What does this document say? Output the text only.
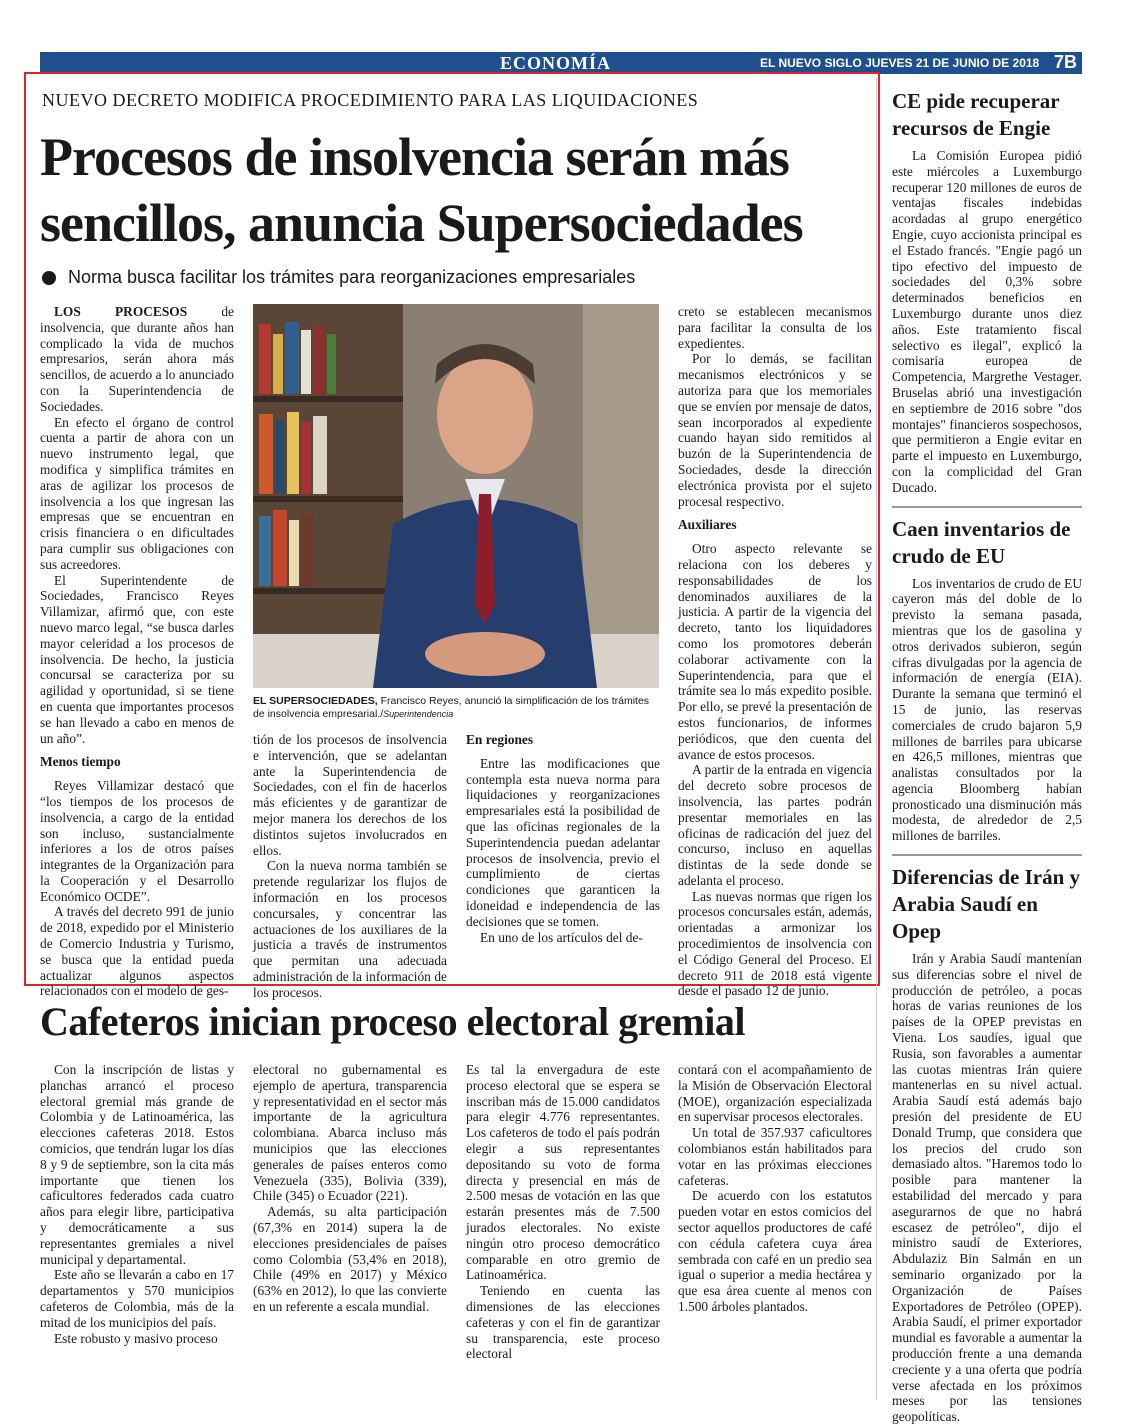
ECONOMÍA	EL NUEVO SIGLO JUEVES 21 DE JUNIO DE 2018 7B
NUEVO DECRETO MODIFICA PROCEDIMIENTO PARA LAS LIQUIDACIONES
Procesos de insolvencia serán más sencillos, anuncia Supersociedades
Norma busca facilitar los trámites para reorganizaciones empresariales

LOS PROCESOS de insolvencia, que durante años han complicado la vida de muchos empresarios, serán ahora más sencillos, de acuerdo a lo anunciado con la Superintendencia de Sociedades.

En efecto el órgano de control cuenta a partir de ahora con un nuevo instrumento legal, que modifica y simplifica trámites en aras de agilizar los procesos de insolvencia a los que ingresan las empresas que se encuentran en crisis financiera o en dificultades para cumplir sus obligaciones con sus acreedores.

El Superintendente de Sociedades, Francisco Reyes Villamizar, afirmó que, con este nuevo marco legal, “se busca darles mayor celeridad a los procesos de insolvencia. De hecho, la justicia concursal se caracteriza por su agilidad y oportunidad, si se tiene en cuenta que importantes procesos se han llevado a cabo en menos de un año”.

Menos tiempo

Reyes Villamizar destacó que “los tiempos de los procesos de insolvencia, a cargo de la entidad son incluso, sustancialmente inferiores a los de otros países integrantes de la Organización para la Cooperación y el Desarrollo Económico OCDE”.

A través del decreto 991 de junio de 2018, expedido por el Ministerio de Comercio Industria y Turismo, se busca que la entidad pueda actualizar algunos aspectos relacionados con el modelo de ges-

EL SUPERSOCIEDADES, Francisco Reyes, anunció la simplificación de los trámites de insolvencia empresarial./Superintendencia

tión de los procesos de insolvencia e intervención, que se adelantan ante la Superintendencia de Sociedades, con el fin de hacerlos más eficientes y de garantizar de mejor manera los derechos de los distintos sujetos involucrados en ellos.

Con la nueva norma también se pretende regularizar los flujos de información en los procesos concursales, y concentrar las actuaciones de los auxiliares de la justicia a través de instrumentos que permitan una adecuada administración de la información de los procesos.

En regiones

Entre las modificaciones que contempla esta nueva norma para liquidaciones y reorganizaciones empresariales está la posibilidad de que las oficinas regionales de la Superintendencia puedan adelantar procesos de insolvencia, previo el cumplimiento de ciertas condiciones que garanticen la idoneidad e independencia de las decisiones que se tomen.

En uno de los artículos del de-

creto se establecen mecanismos para facilitar la consulta de los expedientes.

Por lo demás, se facilitan mecanismos electrónicos y se autoriza para que los memoriales que se envíen por mensaje de datos, sean incorporados al expediente cuando hayan sido remitidos al buzón de la Superintendencia de Sociedades, desde la dirección electrónica provista por el sujeto procesal respectivo.

Auxiliares

Otro aspecto relevante se relaciona con los deberes y responsabilidades de los denominados auxiliares de la justicia. A partir de la vigencia del decreto, tanto los liquidadores como los promotores deberán colaborar activamente con la Superintendencia, para que el trámite sea lo más expedito posible. Por ello, se prevé la presentación de estos funcionarios, de informes periódicos, que den cuenta del avance de estos procesos.

A partir de la entrada en vigencia del decreto sobre procesos de insolvencia, las partes podrán presentar memoriales en las oficinas de radicación del juez del concurso, incluso en aquellas distintas de la sede donde se adelanta el proceso.

Las nuevas normas que rigen los procesos concursales están, además, orientadas a armonizar los procedimientos de insolvencia con el Código General del Proceso. El decreto 911 de 2018 está vigente desde el pasado 12 de junio.

CE pide recuperar recursos de Engie

La Comisión Europea pidió este miércoles a Luxemburgo recuperar 120 millones de euros de ventajas fiscales indebidas acordadas al grupo energético Engie, cuyo accionista principal es el Estado francés. "Engie pagó un tipo efectivo del impuesto de sociedades del 0,3% sobre determinados beneficios en Luxemburgo durante unos diez años. Este tratamiento fiscal selectivo es ilegal", explicó la comisaria europea de Competencia, Margrethe Vestager. Bruselas abrió una investigación en septiembre de 2016 sobre "dos montajes" financieros sospechosos, que permitieron a Engie evitar en parte el impuesto en Luxemburgo, con la complicidad del Gran Ducado.

Caen inventarios de crudo de EU

Los inventarios de crudo de EU cayeron más del doble de lo previsto la semana pasada, mientras que los de gasolina y otros derivados subieron, según cifras divulgadas por la agencia de información de energía (EIA). Durante la semana que terminó el 15 de junio, las reservas comerciales de crudo bajaron 5,9 millones de barriles para ubicarse en 426,5 millones, mientras que analistas consultados por la agencia Bloomberg habían pronosticado una disminución más modesta, de alrededor de 2,5 millones de barriles.

Diferencias de Irán y Arabia Saudí en Opep

Irán y Arabia Saudí mantenían sus diferencias sobre el nivel de producción de petróleo, a pocas horas de varias reuniones de los países de la OPEP previstas en Viena. Los saudíes, igual que Rusia, son favorables a aumentar las cuotas mientras Irán quiere mantenerlas en su nivel actual. Arabia Saudí está además bajo presión del presidente de EU Donald Trump, que considera que los precios del crudo son demasiado altos. "Haremos todo lo posible para mantener la estabilidad del mercado y para asegurarnos de que no habrá escasez de petróleo", dijo el ministro saudí de Exteriores, Abdulaziz Bin Salmán en un seminario organizado por la Organización de Países Exportadores de Petróleo (OPEP). Arabia Saudí, el primer exportador mundial es favorable a aumentar la producción frente a una demanda creciente y a una oferta que podría verse afectada en los próximos meses por las tensiones geopolíticas.

Cafeteros inician proceso electoral gremial

Con la inscripción de listas y planchas arrancó el proceso electoral gremial más grande de Colombia y de Latinoamérica, las elecciones cafeteras 2018. Estos comicios, que tendrán lugar los días 8 y 9 de septiembre, son la cita más importante que tienen los caficultores federados cada cuatro años para elegir libre, participativa y democráticamente a sus representantes gremiales a nivel municipal y departamental.

Este año se llevarán a cabo en 17 departamentos y 570 municipios cafeteros de Colombia, más de la mitad de los municipios del país.

Este robusto y masivo proceso

electoral no gubernamental es ejemplo de apertura, transparencia y representatividad en el sector más importante de la agricultura colombiana. Abarca incluso más municipios que las elecciones generales de países enteros como Venezuela (335), Bolivia (339), Chile (345) o Ecuador (221).

Además, su alta participación (67,3% en 2014) supera la de elecciones presidenciales de países como Colombia (53,4% en 2018), Chile (49% en 2017) y México (63% en 2012), lo que las convierte en un referente a escala mundial.

Es tal la envergadura de este proceso electoral que se espera se inscriban más de 15.000 candidatos para elegir 4.776 representantes. Los cafeteros de todo el país podrán elegir a sus representantes depositando su voto de forma directa y presencial en más de 2.500 mesas de votación en las que estarán presentes más de 7.500 jurados electorales. No existe ningún otro proceso democrático comparable en otro gremio de Latinoamérica.

Teniendo en cuenta las dimensiones de las elecciones cafeteras y con el fin de garantizar su transparencia, este proceso electoral

contará con el acompañamiento de la Misión de Observación Electoral (MOE), organización especializada en supervisar procesos electorales.

Un total de 357.937 caficultores colombianos están habilitados para votar en las próximas elecciones cafeteras.

De acuerdo con los estatutos pueden votar en estos comicios del sector aquellos productores de café con cédula cafetera cuya área sembrada con café en un predio sea igual o superior a media hectárea y que esa área cuente al menos con 1.500 árboles plantados.
